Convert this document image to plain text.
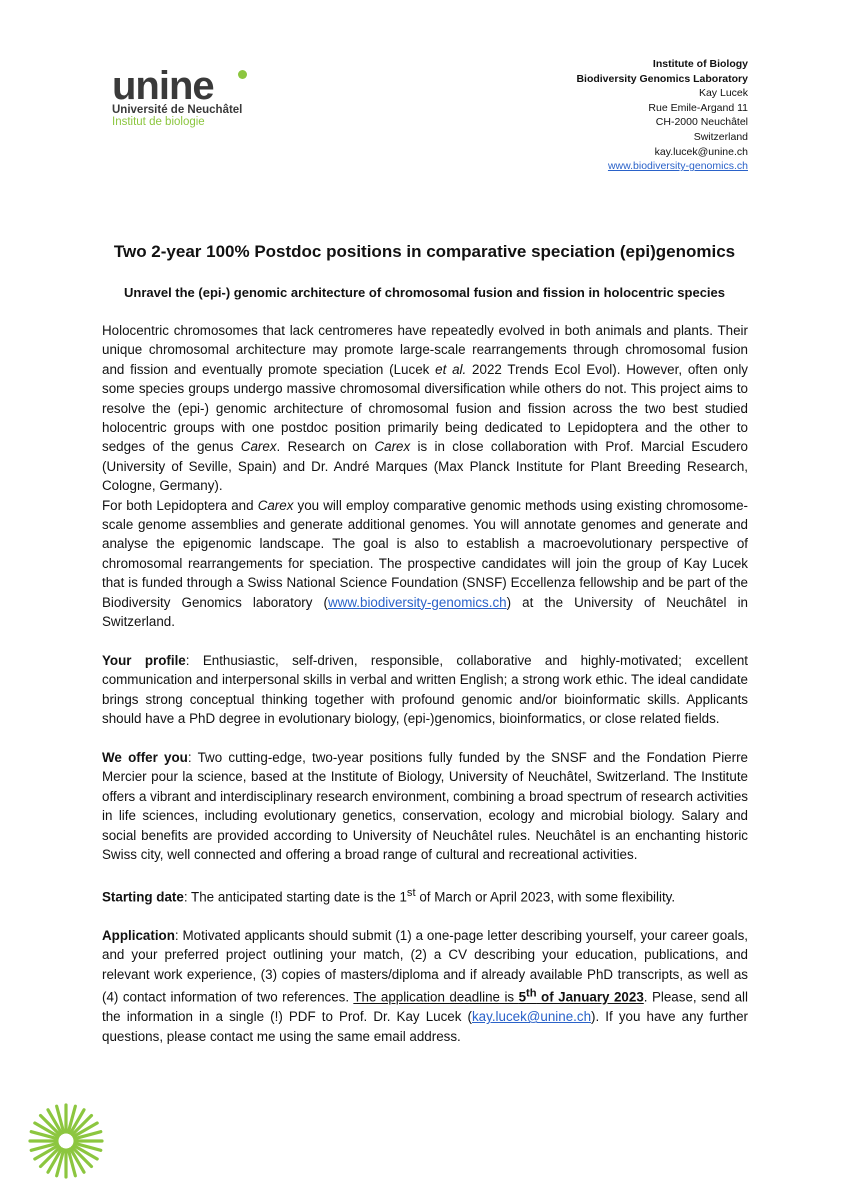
unine
Université de Neuchâtel
Institut de biologie
Institute of Biology
Biodiversity Genomics Laboratory
Kay Lucek
Rue Emile-Argand 11
CH-2000 Neuchâtel
Switzerland
kay.lucek@unine.ch
www.biodiversity-genomics.ch
Two 2-year 100% Postdoc positions in comparative speciation (epi)genomics
Unravel the (epi-) genomic architecture of chromosomal fusion and fission in holocentric species

Holocentric chromosomes that lack centromeres have repeatedly evolved in both animals and plants. Their unique chromosomal architecture may promote large-scale rearrangements through chromosomal fusion and fission and eventually promote speciation (Lucek et al. 2022 Trends Ecol Evol). However, often only some species groups undergo massive chromosomal diversification while others do not. This project aims to resolve the (epi-) genomic architecture of chromosomal fusion and fission across the two best studied holocentric groups with one postdoc position primarily being dedicated to Lepidoptera and the other to sedges of the genus Carex. Research on Carex is in close collaboration with Prof. Marcial Escudero (University of Seville, Spain) and Dr. André Marques (Max Planck Institute for Plant Breeding Research, Cologne, Germany).

For both Lepidoptera and Carex you will employ comparative genomic methods using existing chromosome-scale genome assemblies and generate additional genomes. You will annotate genomes and generate and analyse the epigenomic landscape. The goal is also to establish a macroevolutionary perspective of chromosomal rearrangements for speciation. The prospective candidates will join the group of Kay Lucek that is funded through a Swiss National Science Foundation (SNSF) Eccellenza fellowship and be part of the Biodiversity Genomics laboratory (www.biodiversity-genomics.ch) at the University of Neuchâtel in Switzerland.

Your profile: Enthusiastic, self-driven, responsible, collaborative and highly-motivated; excellent communication and interpersonal skills in verbal and written English; a strong work ethic. The ideal candidate brings strong conceptual thinking together with profound genomic and/or bioinformatic skills. Applicants should have a PhD degree in evolutionary biology, (epi-)genomics, bioinformatics, or close related fields.

We offer you: Two cutting-edge, two-year positions fully funded by the SNSF and the Fondation Pierre Mercier pour la science, based at the Institute of Biology, University of Neuchâtel, Switzerland. The Institute offers a vibrant and interdisciplinary research environment, combining a broad spectrum of research activities in life sciences, including evolutionary genetics, conservation, ecology and microbial biology. Salary and social benefits are provided according to University of Neuchâtel rules. Neuchâtel is an enchanting historic Swiss city, well connected and offering a broad range of cultural and recreational activities.

Starting date: The anticipated starting date is the 1st of March or April 2023, with some flexibility.

Application: Motivated applicants should submit (1) a one-page letter describing yourself, your career goals, and your preferred project outlining your match, (2) a CV describing your education, publications, and relevant work experience, (3) copies of masters/diploma and if already available PhD transcripts, as well as (4) contact information of two references. The application deadline is 5th of January 2023. Please, send all the information in a single (!) PDF to Prof. Dr. Kay Lucek (kay.lucek@unine.ch). If you have any further questions, please contact me using the same email address.
